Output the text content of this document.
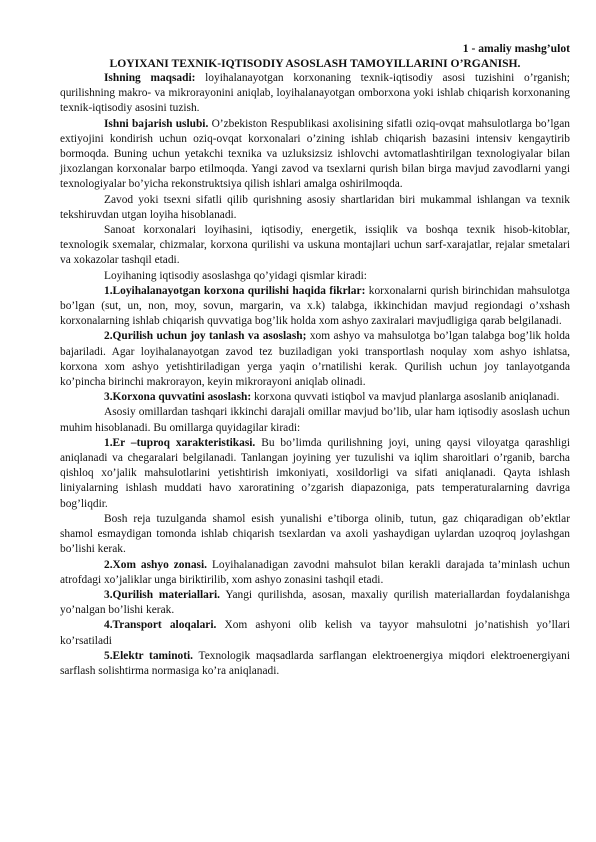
1 - amaliy mashg’ulot
LOYIXANI TEXNIK-IQTISODIY ASOSLASH TAMOYILLARINI O’RGANISH.

Ishning maqsadi: loyihalanayotgan korxonaning texnik-iqtisodiy asosi tuzishini o’rganish; qurilishning makro- va mikrorayonini aniqlab, loyihalanayotgan omborxona yoki ishlab chiqarish korxonaning texnik-iqtisodiy asosini tuzish.

Ishni bajarish uslubi. O’zbekiston Respublikasi axolisining sifatli oziq-ovqat mahsulotlarga bo’lgan extiyojini kondirish uchun oziq-ovqat korxonalari o’zining ishlab chiqarish bazasini intensiv kengaytirib bormoqda. Buning uchun yetakchi texnika va uzluksizsiz ishlovchi avtomatlashtirilgan texnologiyalar bilan jixozlangan korxonalar barpo etilmoqda. Yangi zavod va tsexlarni qurish bilan birga mavjud zavodlarni yangi texnologiyalar bo’yicha rekonstruktsiya qilish ishlari amalga oshirilmoqda.

Zavod yoki tsexni sifatli qilib qurishning asosiy shartlaridan biri mukammal ishlangan va texnik tekshiruvdan utgan loyiha hisoblanadi.

Sanoat korxonalari loyihasini, iqtisodiy, energetik, issiqlik va boshqa texnik hisob-kitoblar, texnologik sxemalar, chizmalar, korxona qurilishi va uskuna montajlari uchun sarf-xarajatlar, rejalar smetalari va xokazolar tashqil etadi.

Loyihaning iqtisodiy asoslashga qo’yidagi qismlar kiradi:

1.Loyihalanayotgan korxona qurilishi haqida fikrlar: korxonalarni qurish birinchidan mahsulotga bo’lgan (sut, un, non, moy, sovun, margarin, va x.k) talabga, ikkinchidan mavjud regiondagi o’xshash korxonalarning ishlab chiqarish quvvatiga bog’lik holda xom ashyo zaxiralari mavjudligiga qarab belgilanadi.

2.Qurilish uchun joy tanlash va asoslash; xom ashyo va mahsulotga bo’lgan talabga bog’lik holda bajariladi. Agar loyihalanayotgan zavod tez buziladigan yoki transportlash noqulay xom ashyo ishlatsa, korxona xom ashyo yetishtiriladigan yerga yaqin o’rnatilishi kerak. Qurilish uchun joy tanlayotganda ko’pincha birinchi makrorayon, keyin mikrorayoni aniqlab olinadi.

3.Korxona quvvatini asoslash: korxona quvvati istiqbol va mavjud planlarga asoslanib aniqlanadi.

Asosiy omillardan tashqari ikkinchi darajali omillar mavjud bo’lib, ular ham iqtisodiy asoslash uchun muhim hisoblanadi. Bu omillarga quyidagilar kiradi:

1.Er –tuproq xarakteristikasi. Bu bo’limda qurilishning joyi, uning qaysi viloyatga qarashligi aniqlanadi va chegaralari belgilanadi. Tanlangan joyining yer tuzulishi va iqlim sharoitlari o’rganib, barcha qishloq xo’jalik mahsulotlarini yetishtirish imkoniyati, xosildorligi va sifati aniqlanadi. Qayta ishlash liniyalarning ishlash muddati havo xaroratining o’zgarish diapazoniga, pats temperaturalarning davriga bog’liqdir.

Bosh reja tuzulganda shamol esish yunalishi e’tiborga olinib, tutun, gaz chiqaradigan ob’ektlar shamol esmaydigan tomonda ishlab chiqarish tsexlardan va axoli yashaydigan uylardan uzoqroq joylashgan bo’lishi kerak.

2.Xom ashyo zonasi. Loyihalanadigan zavodni mahsulot bilan kerakli darajada ta’minlash uchun atrofdagi xo’jaliklar unga biriktirilib, xom ashyo zonasini tashqil etadi.

3.Qurilish materiallari. Yangi qurilishda, asosan, maxaliy qurilish materiallardan foydalanishga yo’nalgan bo’lishi kerak.

4.Transport aloqalari. Xom ashyoni olib kelish va tayyor mahsulotni jo’natishish yo’llari ko’rsatiladi

5.Elektr taminoti. Texnologik maqsadlarda sarflangan elektroenergiya miqdori elektroenergiyani sarflash solishtirma normasiga ko’ra aniqlanadi.
